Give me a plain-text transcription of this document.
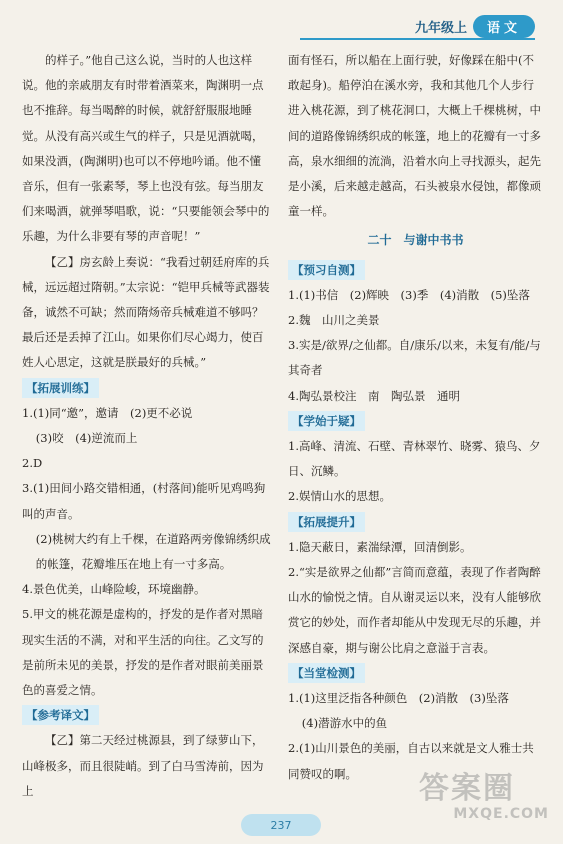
九年级上	语文

的样子。”他自己这么说，当时的人也这样说。他的亲戚朋友有时带着酒菜来，陶渊明一点也不推辞。每当喝醉的时候，就舒舒服服地睡觉。从没有高兴或生气的样子，只是见酒就喝，如果没酒，(陶渊明)也可以不停地吟诵。他不懂音乐，但有一张素琴，琴上也没有弦。每当朋友们来喝酒，就弹琴唱歌，说：“只要能领会琴中的乐趣，为什么非要有琴的声音呢！”

【乙】房玄龄上奏说：“我看过朝廷府库的兵械，远远超过隋朝。”太宗说：“铠甲兵械等武器装备，诚然不可缺；然而隋炀帝兵械难道不够吗？最后还是丢掉了江山。如果你们尽心竭力，使百姓人心思定，这就是朕最好的兵械。”

【拓展训练】

1.(1)同“邀”，邀请　(2)更不必说

(3)咬　(4)逆流而上

2.D

3.(1)田间小路交错相通，(村落间)能听见鸡鸣狗叫的声音。

(2)桃树大约有上千棵，在道路两旁像锦绣织成的帐篷，花瓣堆压在地上有一寸多高。

4.景色优美，山峰险峻，环境幽静。

5.甲文的桃花源是虚构的，抒发的是作者对黑暗现实生活的不满，对和平生活的向往。乙文写的是前所未见的美景，抒发的是作者对眼前美丽景色的喜爱之情。

【参考译文】

【乙】第二天经过桃源县，到了绿萝山下，山峰极多，而且很陡峭。到了白马雪涛前，因为上

面有怪石，所以船在上面行驶，好像踩在船中(不敢起身)。船停泊在溪水旁，我和其他几个人步行进入桃花源，到了桃花洞口，大概上千棵桃树，中间的道路像锦绣织成的帐篷，地上的花瓣有一寸多高，泉水细细的流淌，沿着水向上寻找源头，起先是小溪，后来越走越高，石头被泉水侵蚀，都像顽童一样。

二十　与谢中书书
【预习自测】

1.(1)书信　(2)辉映　(3)季　(4)消散　(5)坠落

2.魏　山川之美景

3.实是/欲界/之仙都。自/康乐/以来，未复有/能/与其奇者

4.陶弘景校注　南　陶弘景　通明

【学始于疑】

1.高峰、清流、石壁、青林翠竹、晓雾、猿鸟、夕日、沉鳞。

2.娱情山水的思想。

【拓展提升】

1.隐天蔽日，素湍绿潭，回清倒影。

2.“实是欲界之仙都”言简而意蕴，表现了作者陶醉山水的愉悦之情。自从谢灵运以来，没有人能够欣赏它的妙处，而作者却能从中发现无尽的乐趣，并深感自豪，期与谢公比肩之意溢于言表。

【当堂检测】

1.(1)这里泛指各种颜色　(2)消散　(3)坠落

(4)潜游水中的鱼

2.(1)山川景色的美丽，自古以来就是文人雅士共同赞叹的啊。

237
答案圈
MXQE.COM
